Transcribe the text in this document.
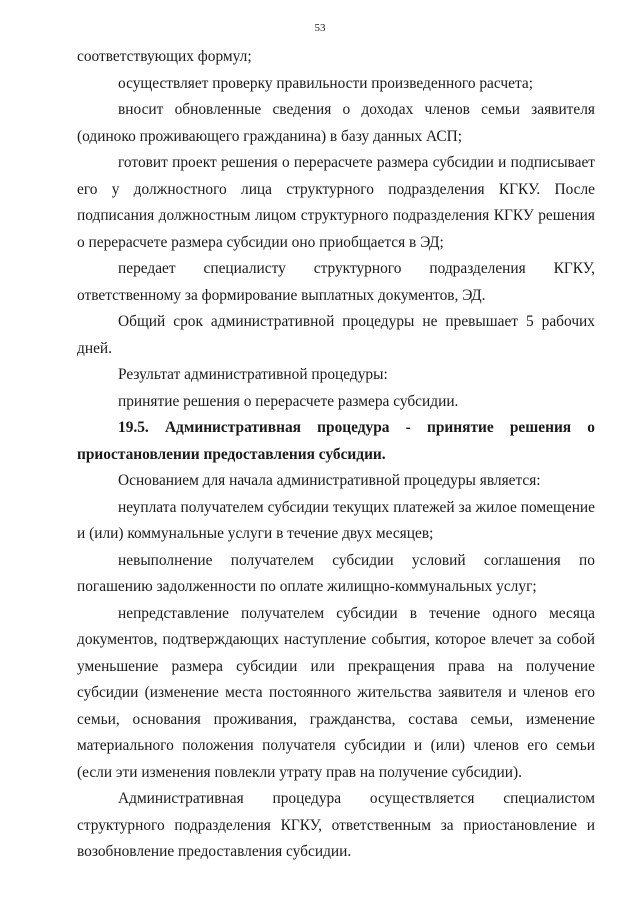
53

соответствующих формул;

осуществляет проверку правильности произведенного расчета;

вносит обновленные сведения о доходах членов семьи заявителя (одиноко проживающего гражданина) в базу данных АСП;

готовит проект решения о перерасчете размера субсидии и подписывает его у должностного лица структурного подразделения КГКУ. После подписания должностным лицом структурного подразделения КГКУ решения о перерасчете размера субсидии оно приобщается в ЭД;

передает специалисту структурного подразделения КГКУ,

ответственному за формирование выплатных документов, ЭД.

Общий срок административной процедуры не превышает 5 рабочих дней.

Результат административной процедуры:

принятие решения о перерасчете размера субсидии.

19.5. Административная процедура - принятие решения о приостановлении предоставления субсидии.

Основанием для начала административной процедуры является:

неуплата получателем субсидии текущих платежей за жилое помещение и (или) коммунальные услуги в течение двух месяцев;

невыполнение получателем субсидии условий соглашения по погашению задолженности по оплате жилищно-коммунальных услуг;

непредставление получателем субсидии в течение одного месяца документов, подтверждающих наступление события, которое влечет за собой уменьшение размера субсидии или прекращения права на получение субсидии (изменение места постоянного жительства заявителя и членов его семьи, основания проживания, гражданства, состава семьи, изменение материального положения получателя субсидии и (или) членов его семьи (если эти изменения повлекли утрату прав на получение субсидии).

Административная процедура осуществляется специалистом структурного подразделения КГКУ, ответственным за приостановление и возобновление предоставления субсидии.
